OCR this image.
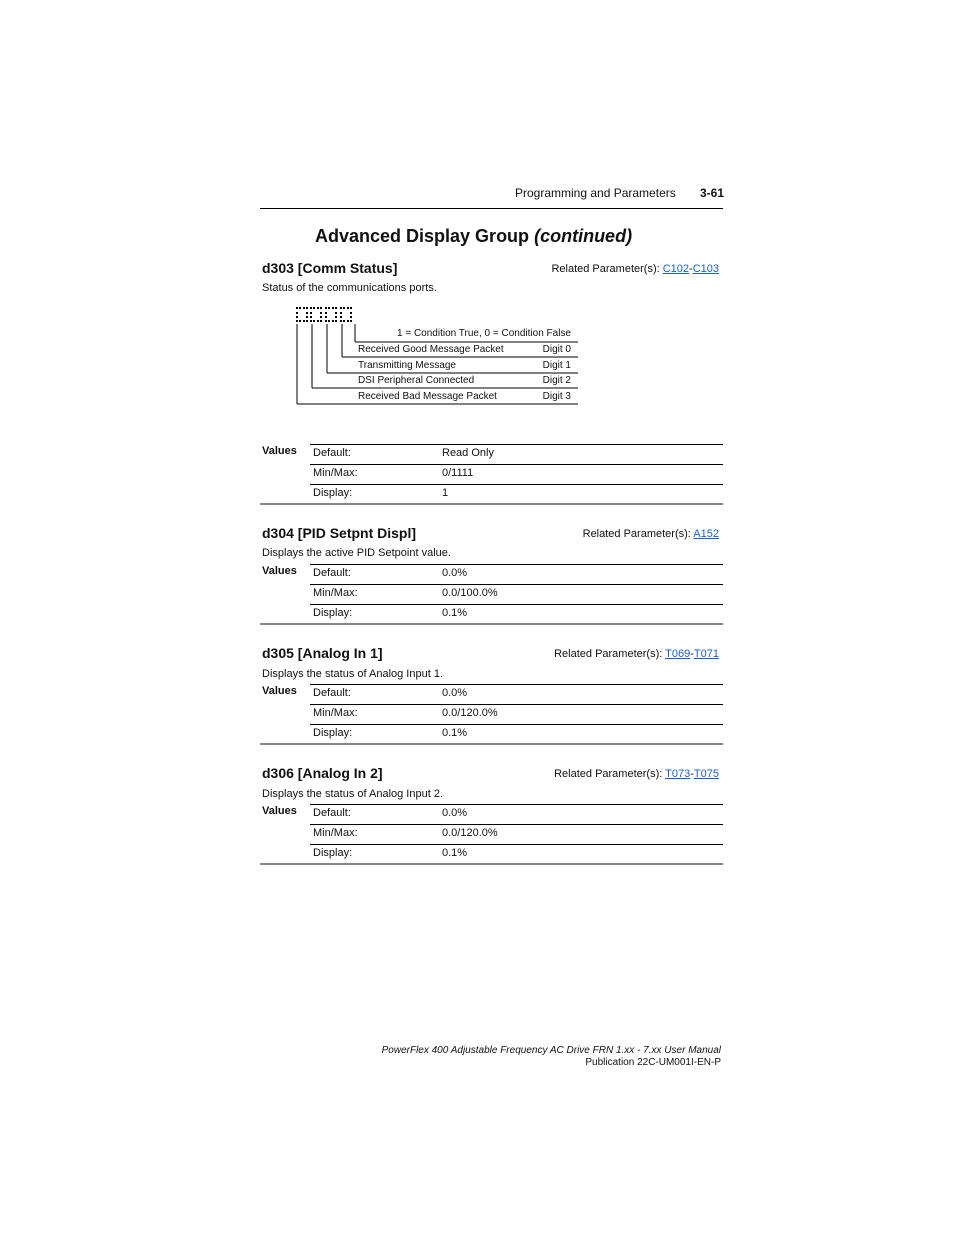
Programming and Parameters 3-61
Advanced Display Group (continued)
d303 [Comm Status]	Related Parameter(s): C102-C103
Status of the communications ports.
1 = Condition True, 0 = Condition False
Received Good Message Packet	Digit 0
Transmitting Message	Digit 1
DSI Peripheral Connected	Digit 2
Received Bad Message Packet	Digit 3
Values Default:	Read Only
Min/Max:	0/1111
Display:	1
d304 [PID Setpnt Displ]	Related Parameter(s): A152
Displays the active PID Setpoint value.
Values Default:	0.0%
Min/Max:	0.0/100.0%
Display:	0.1%
d305 [Analog In 1]	Related Parameter(s): T069-T071
Displays the status of Analog Input 1.
Values Default:	0.0%
Min/Max:	0.0/120.0%
Display:	0.1%
d306 [Analog In 2]	Related Parameter(s): T073-T075
Displays the status of Analog Input 2.
Values Default:	0.0%
Min/Max:	0.0/120.0%
Display:	0.1%
PowerFlex 400 Adjustable Frequency AC Drive FRN 1.xx - 7.xx User Manual
Publication 22C-UM001I-EN-P
